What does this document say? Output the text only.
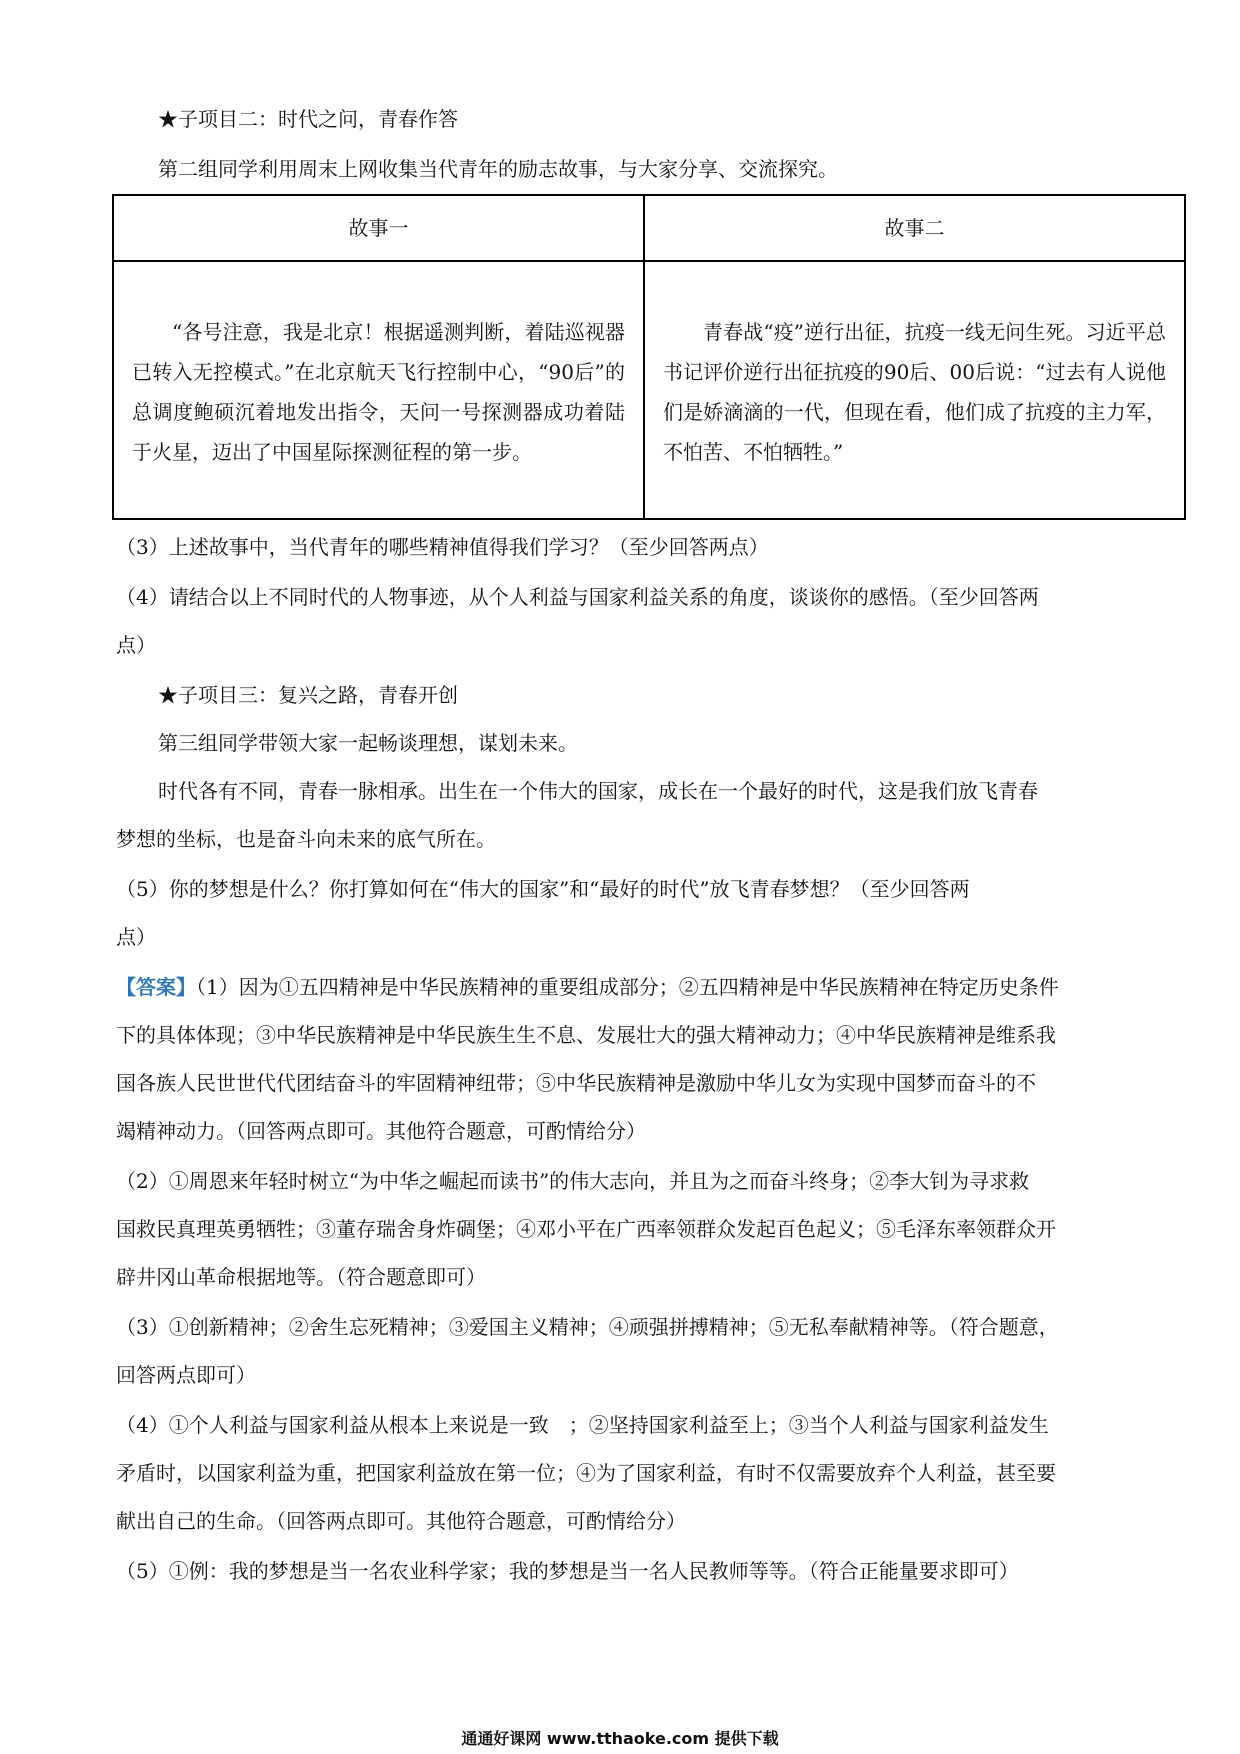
★子项目二：时代之问，青春作答
第二组同学利用周末上网收集当代青年的励志故事，与大家分享、交流探究。
故事一	故事二

“各号注意，我是北京！根据遥测判断，着陆巡视器已转入无控模式。”在北京航天飞行控制中心，“90后”的总调度鲍硕沉着地发出指令，天问一号探测器成功着陆于火星，迈出了中国星际探测征程的第一步。	青春战“疫”逆行出征，抗疫一线无问生死。习近平总书记评价逆行出征抗疫的90后、00后说：“过去有人说他们是娇滴滴的一代，但现在看，他们成了抗疫的主力军，不怕苦、不怕牺牲。”
（3）上述故事中，当代青年的哪些精神值得我们学习？（至少回答两点）
（4）请结合以上不同时代的人物事迹，从个人利益与国家利益关系的角度，谈谈你的感悟。（至少回答两
点）
★子项目三：复兴之路，青春开创
第三组同学带领大家一起畅谈理想，谋划未来。
时代各有不同，青春一脉相承。出生在一个伟大的国家，成长在一个最好的时代，这是我们放飞青春
梦想的坐标，也是奋斗向未来的底气所在。
（5）你的梦想是什么？你打算如何在“伟大的国家”和“最好的时代”放飞青春梦想？（至少回答两
点）
【答案】（1）因为①五四精神是中华民族精神的重要组成部分；②五四精神是中华民族精神在特定历史条件
下的具体体现；③中华民族精神是中华民族生生不息、发展壮大的强大精神动力；④中华民族精神是维系我
国各族人民世世代代团结奋斗的牢固精神纽带；⑤中华民族精神是激励中华儿女为实现中国梦而奋斗的不
竭精神动力。（回答两点即可。其他符合题意，可酌情给分）
（2）①周恩来年轻时树立“为中华之崛起而读书”的伟大志向，并且为之而奋斗终身；②李大钊为寻求救
国救民真理英勇牺牲；③董存瑞舍身炸碉堡；④邓小平在广西率领群众发起百色起义；⑤毛泽东率领群众开
辟井冈山革命根据地等。（符合题意即可）
（3）①创新精神；②舍生忘死精神；③爱国主义精神；④顽强拼搏精神；⑤无私奉献精神等。（符合题意，
回答两点即可）
（4）①个人利益与国家利益从根本上来说是一致　；②坚持国家利益至上；③当个人利益与国家利益发生
矛盾时，以国家利益为重，把国家利益放在第一位；④为了国家利益，有时不仅需要放弃个人利益，甚至要
献出自己的生命。（回答两点即可。其他符合题意，可酌情给分）
（5）①例：我的梦想是当一名农业科学家；我的梦想是当一名人民教师等等。（符合正能量要求即可）
通通好课网 www.tthaoke.com 提供下载
